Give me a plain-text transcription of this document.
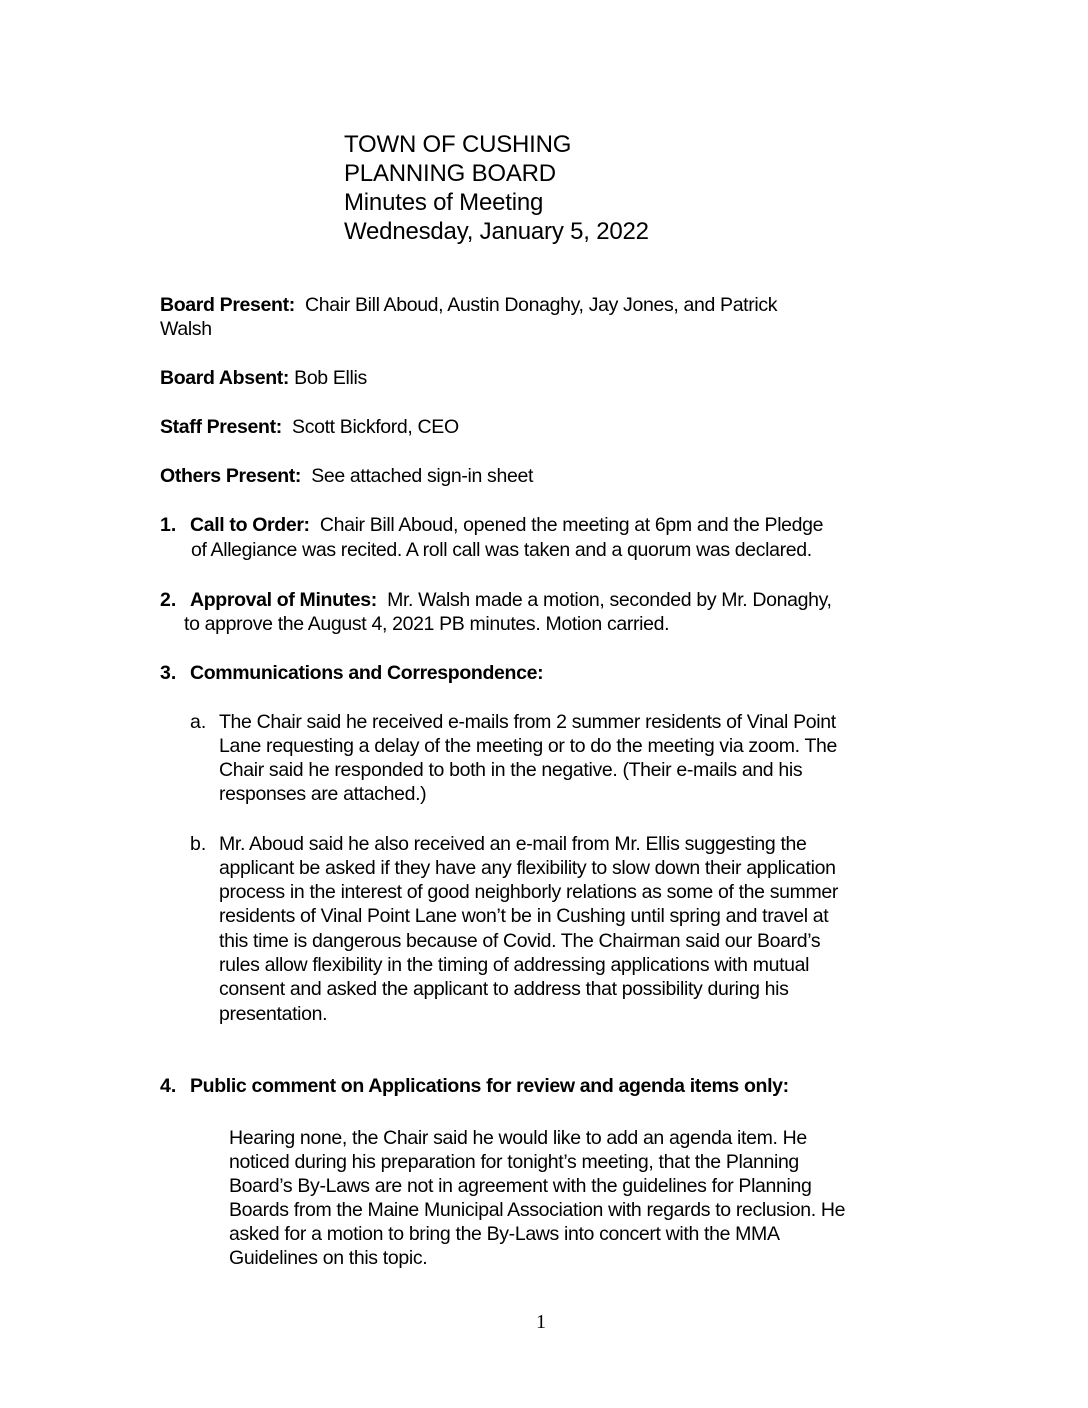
TOWN OF CUSHING
PLANNING BOARD
Minutes of Meeting
Wednesday, January 5, 2022
Board Present: Chair Bill Aboud, Austin Donaghy, Jay Jones, and Patrick
Walsh
Board Absent: Bob Ellis
Staff Present: Scott Bickford, CEO
Others Present: See attached sign-in sheet
1. Call to Order: Chair Bill Aboud, opened the meeting at 6pm and the Pledge
of Allegiance was recited. A roll call was taken and a quorum was declared.
2. Approval of Minutes: Mr. Walsh made a motion, seconded by Mr. Donaghy,
to approve the August 4, 2021 PB minutes. Motion carried.
3. Communications and Correspondence:
a. The Chair said he received e-mails from 2 summer residents of Vinal Point
Lane requesting a delay of the meeting or to do the meeting via zoom. The
Chair said he responded to both in the negative. (Their e-mails and his
responses are attached.)
b. Mr. Aboud said he also received an e-mail from Mr. Ellis suggesting the
applicant be asked if they have any flexibility to slow down their application
process in the interest of good neighborly relations as some of the summer
residents of Vinal Point Lane won’t be in Cushing until spring and travel at
this time is dangerous because of Covid. The Chairman said our Board’s
rules allow flexibility in the timing of addressing applications with mutual
consent and asked the applicant to address that possibility during his
presentation.
4. Public comment on Applications for review and agenda items only:
Hearing none, the Chair said he would like to add an agenda item. He
noticed during his preparation for tonight’s meeting, that the Planning
Board’s By-Laws are not in agreement with the guidelines for Planning
Boards from the Maine Municipal Association with regards to reclusion. He
asked for a motion to bring the By-Laws into concert with the MMA
Guidelines on this topic.
1
